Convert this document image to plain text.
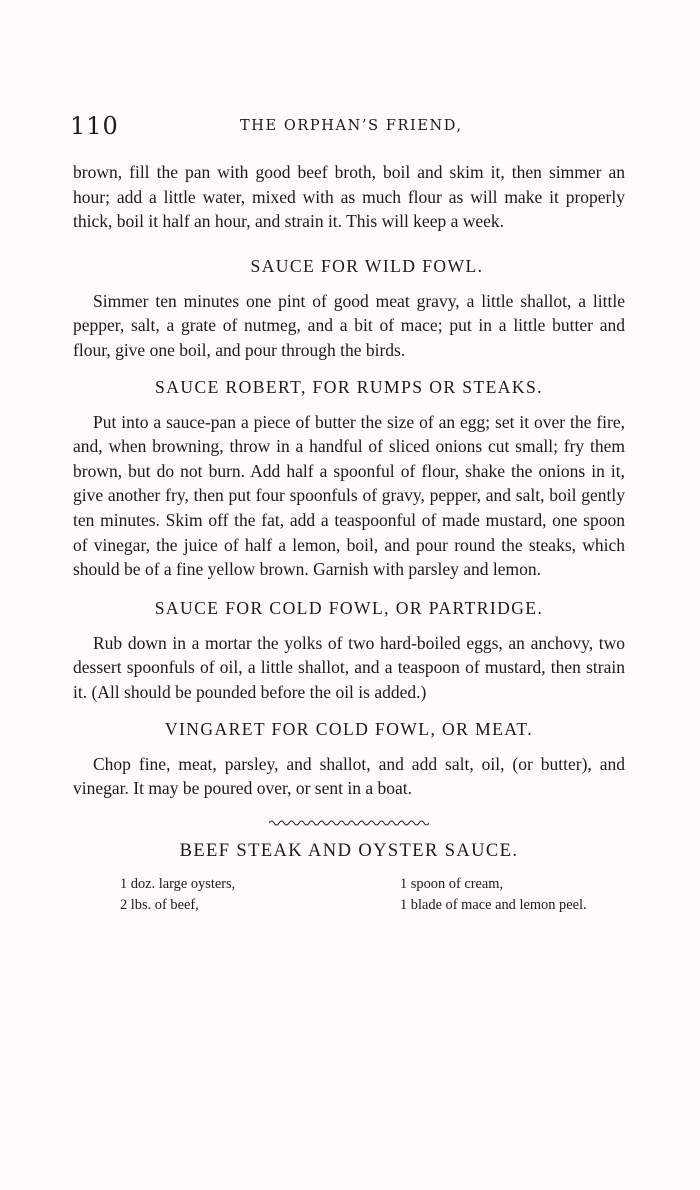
110	THE ORPHAN’S FRIEND,

brown, fill the pan with good beef broth, boil and skim it, then simmer an hour; add a little water, mixed with as much flour as will make it properly thick, boil it half an hour, and strain it. This will keep a week.

SAUCE FOR WILD FOWL.

Simmer ten minutes one pint of good meat gravy, a little shallot, a little pepper, salt, a grate of nutmeg, and a bit of mace; put in a little butter and flour, give one boil, and pour through the birds.

SAUCE ROBERT, FOR RUMPS OR STEAKS.

Put into a sauce-pan a piece of butter the size of an egg; set it over the fire, and, when browning, throw in a handful of sliced onions cut small; fry them brown, but do not burn. Add half a spoonful of flour, shake the onions in it, give another fry, then put four spoonfuls of gravy, pepper, and salt, boil gently ten minutes. Skim off the fat, add a teaspoonful of made mustard, one spoon of vinegar, the juice of half a lemon, boil, and pour round the steaks, which should be of a fine yellow brown. Garnish with parsley and lemon.

SAUCE FOR COLD FOWL, OR PARTRIDGE.

Rub down in a mortar the yolks of two hard-boiled eggs, an anchovy, two dessert spoonfuls of oil, a little shallot, and a teaspoon of mustard, then strain it. (All should be pounded before the oil is added.)

VINGARET FOR COLD FOWL, OR MEAT.

Chop fine, meat, parsley, and shallot, and add salt, oil, (or butter), and vinegar. It may be poured over, or sent in a boat.

BEEF STEAK AND OYSTER SAUCE.
1 doz. large oysters,
2 lbs. of beef,
1 spoon of cream,
1 blade of mace and lemon peel.
